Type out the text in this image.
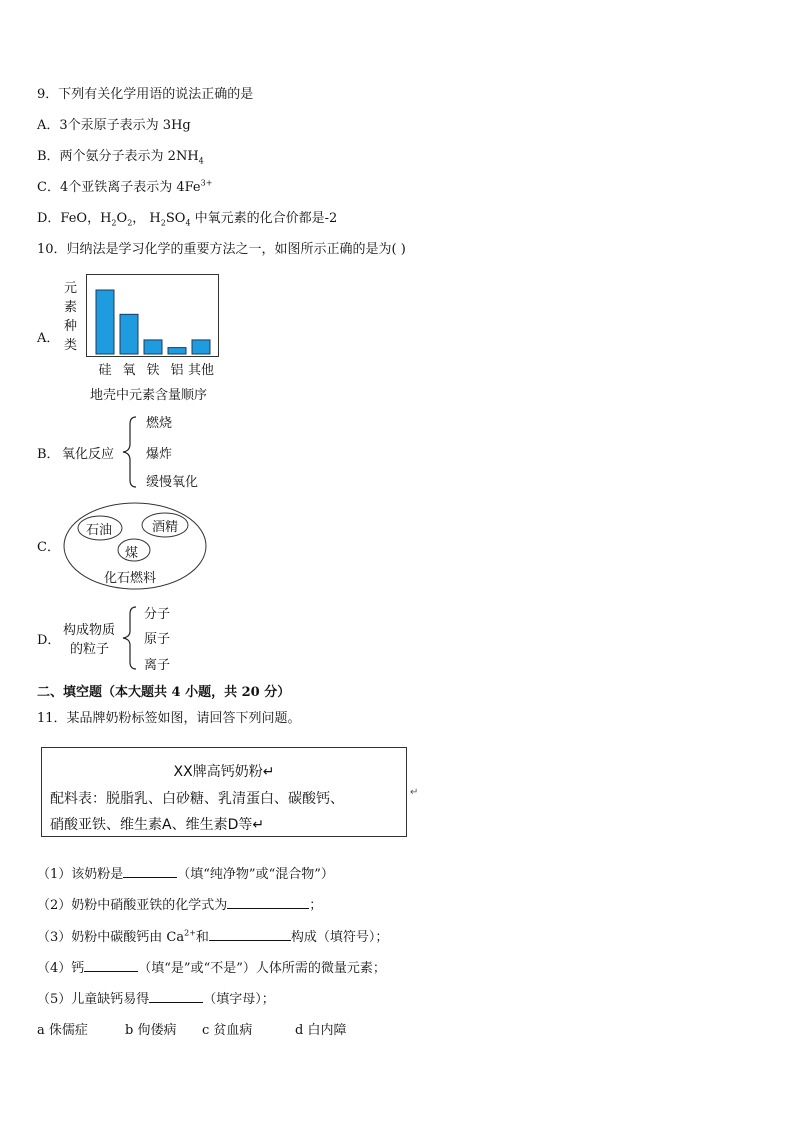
9．下列有关化学用语的说法正确的是
A．3个汞原子表示为 3Hg
B．两个氨分子表示为 $2NH_4$
C．4个亚铁离子表示为 $4Fe^{3+}$
D．FeO，$H_2O_2$， $H_2SO_4$ 中氧元素的化合价都是-2
10．归纳法是学习化学的重要方法之一，如图所示正确的是为( )
A．
元
素
种
类
硅 氧 铁 铝 其他
地壳中元素含量顺序
B． 氧化反应
燃烧
爆炸
缓慢氧化
C．
石油	酒精
煤
化石燃料
D．
构成物质
的粒子
分子
原子
离子
二、填空题（本大题共 4 小题，共 20 分）
11．某品牌奶粉标签如图，请回答下列问题。
XX牌高钙奶粉↵
配料表：脱脂乳、白砂糖、乳清蛋白、碳酸钙、
硝酸亚铁、维生素A、维生素D等↵
↵
（1）该奶粉是	（填“纯净物”或“混合物”）
（2）奶粉中硝酸亚铁的化学式为	；
（3）奶粉中碳酸钙由 $Ca^{2+}$和	构成（填符号）；
（4）钙	（填“是”或“不是”）人体所需的微量元素；
（5）儿童缺钙易得	（填字母）；
a 侏儒症	b 佝偻病 c 贫血病	d 白内障
